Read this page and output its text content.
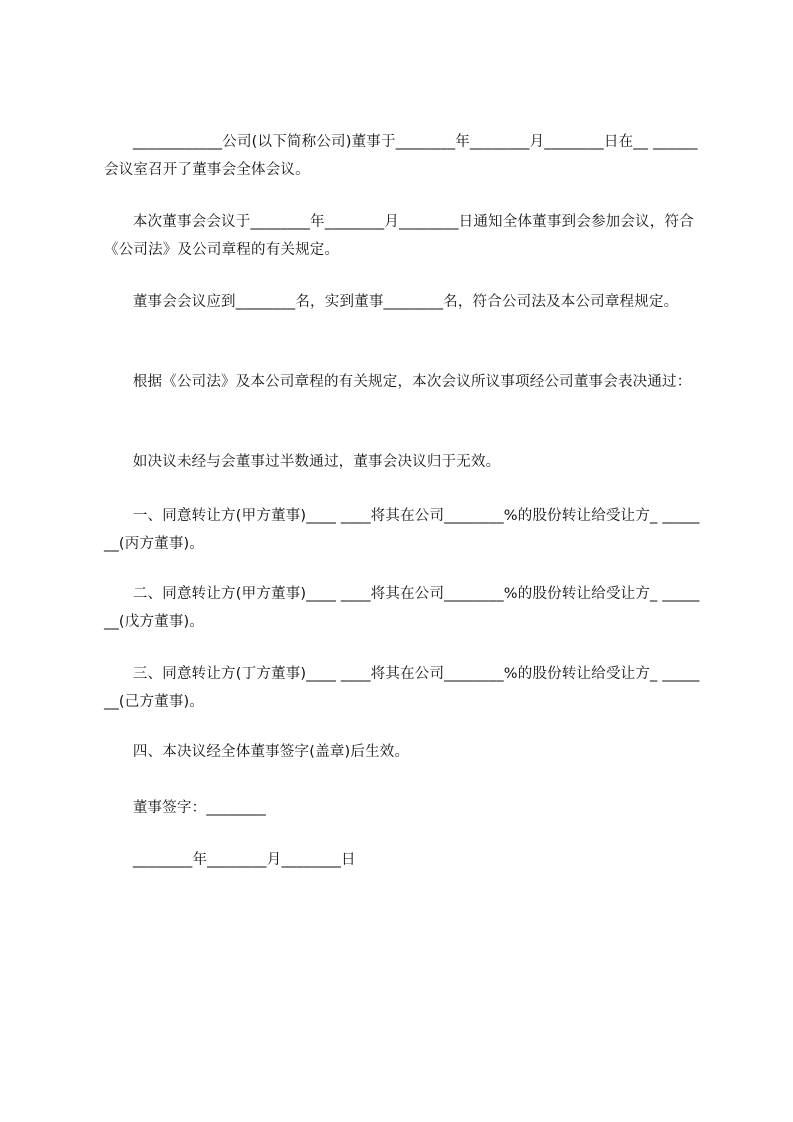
____________公司(以下简称公司)董事于________年________月________日在__ ______会议室召开了董事会全体会议。

本次董事会会议于________年________月________日通知全体董事到会参加会议，符合《公司法》及公司章程的有关规定。

董事会会议应到________名，实到董事________名，符合公司法及本公司章程规定。

根据《公司法》及本公司章程的有关规定，本次会议所议事项经公司董事会表决通过：

如决议未经与会董事过半数通过，董事会决议归于无效。

一、同意转让方(甲方董事)____ ____将其在公司________%的股份转让给受让方_ _______(丙方董事)。

二、同意转让方(甲方董事)____ ____将其在公司________%的股份转让给受让方_ _______(戊方董事)。

三、同意转让方(丁方董事)____ ____将其在公司________%的股份转让给受让方_ _______(己方董事)。

四、本决议经全体董事签字(盖章)后生效。

董事签字：________

________年________月________日
